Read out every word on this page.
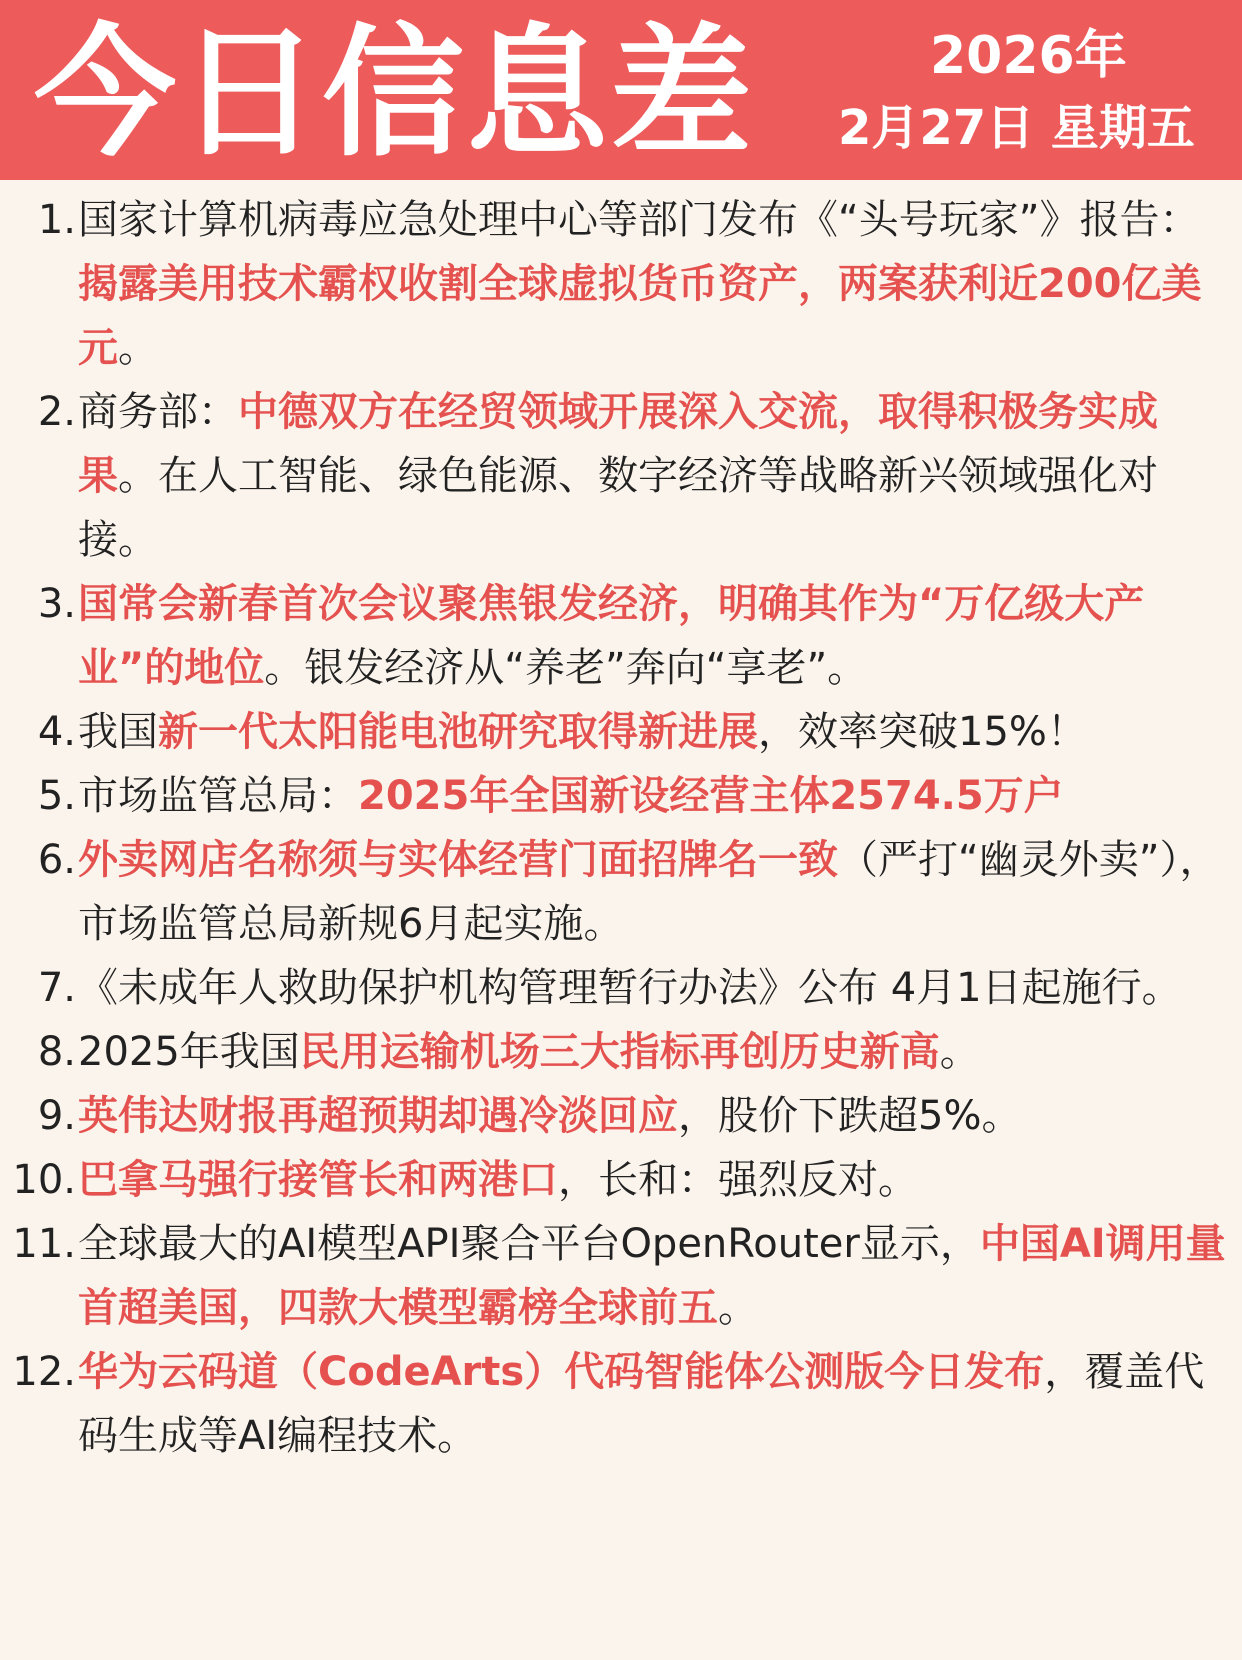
今日信息差	2026年
2月27日 星期五
1. 国家计算机病毒应急处理中心等部门发布《“头号玩家”》报告：揭露美用技术霸权收割全球虚拟货币资产，两案获利近200亿美元。
2. 商务部：中德双方在经贸领域开展深入交流，取得积极务实成果。在人工智能、绿色能源、数字经济等战略新兴领域强化对接。
3. 国常会新春首次会议聚焦银发经济，明确其作为“万亿级大产业”的地位。银发经济从“养老”奔向“享老”。
4. 我国新一代太阳能电池研究取得新进展，效率突破15%！
5. 市场监管总局：2025年全国新设经营主体2574.5万户
6. 外卖网店名称须与实体经营门面招牌名一致（严打“幽灵外卖”），市场监管总局新规6月起实施。
7. 《未成年人救助保护机构管理暂行办法》公布 4月1日起施行。
8. 2025年我国民用运输机场三大指标再创历史新高。
9. 英伟达财报再超预期却遇冷淡回应，股价下跌超5%。
10. 巴拿马强行接管长和两港口，长和：强烈反对。
11. 全球最大的AI模型API聚合平台OpenRouter显示，中国AI调用量首超美国，四款大模型霸榜全球前五。
12. 华为云码道（CodeArts）代码智能体公测版今日发布，覆盖代码生成等AI编程技术。
